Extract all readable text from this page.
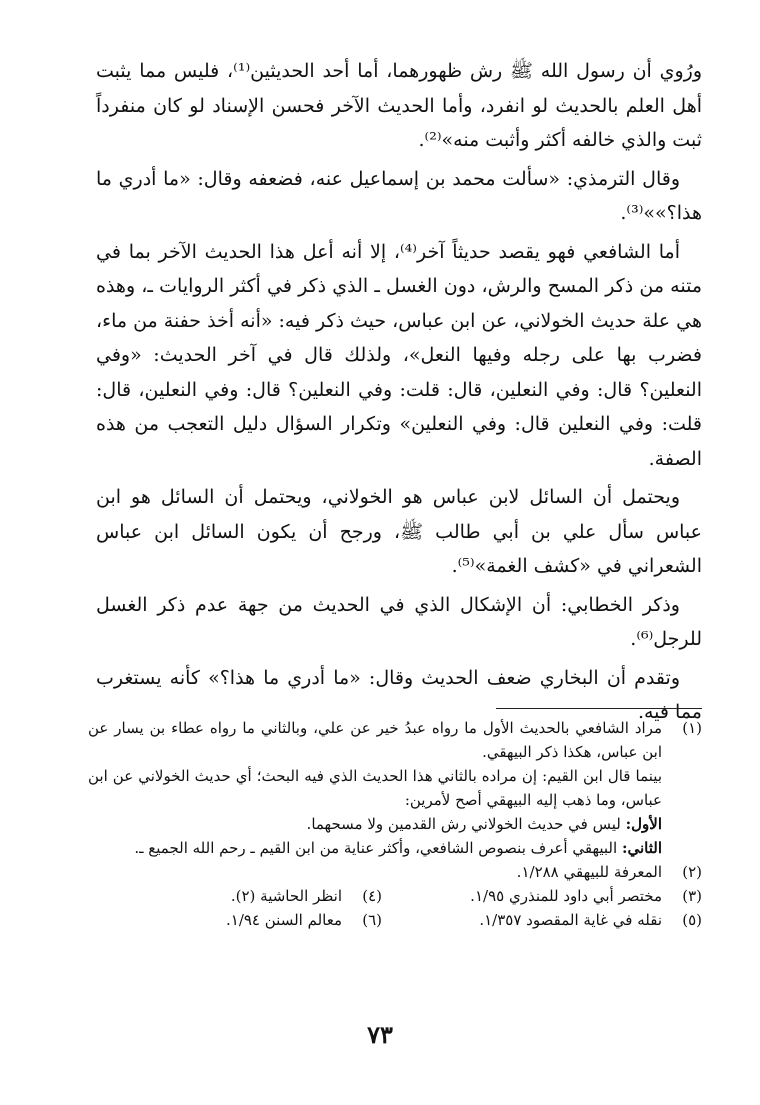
ورُوي أن رسول الله ﷺ رش ظهورهما، أما أحد الحديثين⁽¹⁾، فليس مما يثبت أهل العلم بالحديث لو انفرد، وأما الحديث الآخر فحسن الإسناد لو كان منفرداً ثبت والذي خالفه أكثر وأثبت منه»⁽²⁾.

وقال الترمذي: «سألت محمد بن إسماعيل عنه، فضعفه وقال: «ما أدري ما هذا؟»»⁽³⁾.

أما الشافعي فهو يقصد حديثاً آخر⁽⁴⁾، إلا أنه أعل هذا الحديث الآخر بما في متنه من ذكر المسح والرش، دون الغسل ـ الذي ذكر في أكثر الروايات ـ، وهذه هي علة حديث الخولاني، عن ابن عباس، حيث ذكر فيه: «أنه أخذ حفنة من ماء، فضرب بها على رجله وفيها النعل»، ولذلك قال في آخر الحديث: «وفي النعلين؟ قال: وفي النعلين، قال: قلت: وفي النعلين؟ قال: وفي النعلين، قال: قلت: وفي النعلين قال: وفي النعلين» وتكرار السؤال دليل التعجب من هذه الصفة.

ويحتمل أن السائل لابن عباس هو الخولاني، ويحتمل أن السائل هو ابن عباس سأل علي بن أبي طالب ﷺ، ورجح أن يكون السائل ابن عباس الشعراني في «كشف الغمة»⁽⁵⁾.

وذكر الخطابي: أن الإشكال الذي في الحديث من جهة عدم ذكر الغسل للرجل⁽⁶⁾.

وتقدم أن البخاري ضعف الحديث وقال: «ما أدري ما هذا؟» كأنه يستغرب مما فيه.

(١)
مراد الشافعي بالحديث الأول ما رواه عبدُ خير عن علي، وبالثاني ما رواه عطاء بن يسار عن ابن عباس، هكذا ذكر البيهقي.
بينما قال ابن القيم: إن مراده بالثاني هذا الحديث الذي فيه البحث؛ أي حديث الخولاني عن ابن عباس، وما ذهب إليه البيهقي أصح لأمرين:
الأول: ليس في حديث الخولاني رش القدمين ولا مسحهما.
الثاني: البيهقي أعرف بنصوص الشافعي، وأكثر عناية من ابن القيم ـ رحم الله الجميع ـ.
(٢)
المعرفة للبيهقي ١/٢٨٨.
(٣)
مختصر أبي داود للمنذري ١/٩٥.
(٤)
انظر الحاشية (٢).
(٥)
نقله في غاية المقصود ١/٣٥٧.
(٦)
معالم السنن ١/٩٤.
٧٣
